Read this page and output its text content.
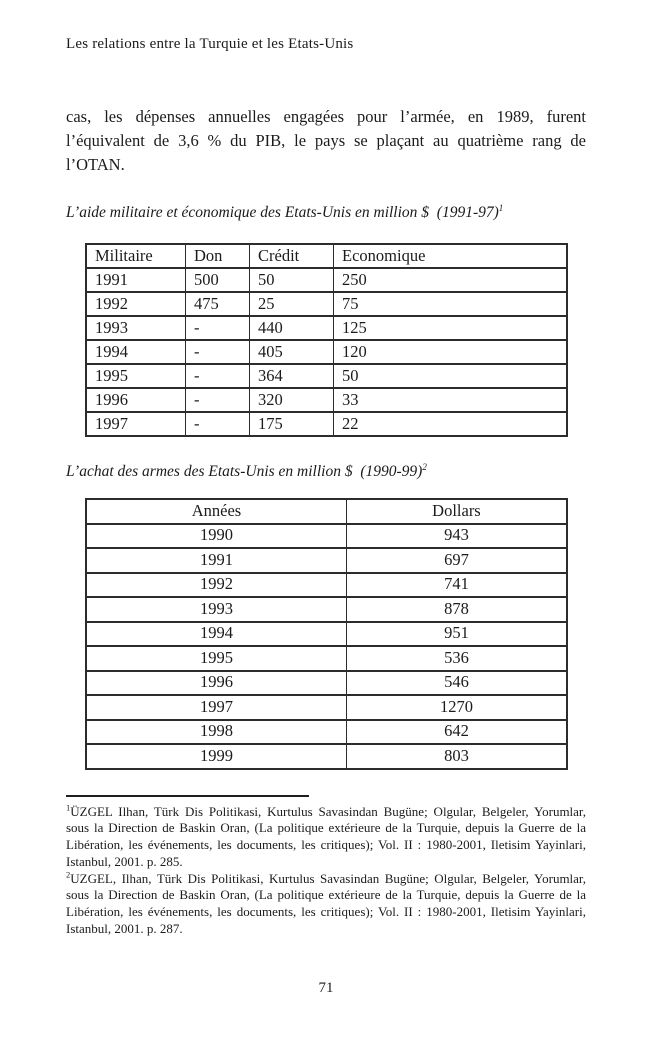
Les relations entre la Turquie et les Etats-Unis

cas, les dépenses annuelles engagées pour l’armée, en 1989, furent l’équivalent de 3,6 % du PIB, le pays se plaçant au quatrième rang de l’OTAN.

L’aide militaire et économique des Etats-Unis en million $  (1991-97)$^1$

Militaire	Don	Crédit	Economique
1991	500	50	250
1992	475	25	75
1993	-	440	125
1994	-	405	120
1995	-	364	50
1996	-	320	33
1997	-	175	22

L’achat des armes des Etats-Unis en million $  (1990-99)$^2$

Années	Dollars
1990	943
1991	697
1992	741
1993	878
1994	951
1995	536
1996	546
1997	1270
1998	642
1999	803

$^1$ÜZGEL Ilhan, Türk Dis Politikasi, Kurtulus Savasindan Bugüne; Olgular, Belgeler, Yorumlar, sous la Direction de Baskin Oran, (La politique extérieure de la Turquie, depuis la Guerre de la Libération, les événements, les documents, les critiques); Vol. II : 1980-2001, Iletisim Yayinlari, Istanbul, 2001. p. 285.

$^2$UZGEL, Ilhan, Türk Dis Politikasi, Kurtulus Savasindan Bugüne; Olgular, Belgeler, Yorumlar, sous la Direction de Baskin Oran, (La politique extérieure de la Turquie, depuis la Guerre de la Libération, les événements, les documents, les critiques); Vol. II : 1980-2001, Iletisim Yayinlari, Istanbul, 2001. p. 287.

71
